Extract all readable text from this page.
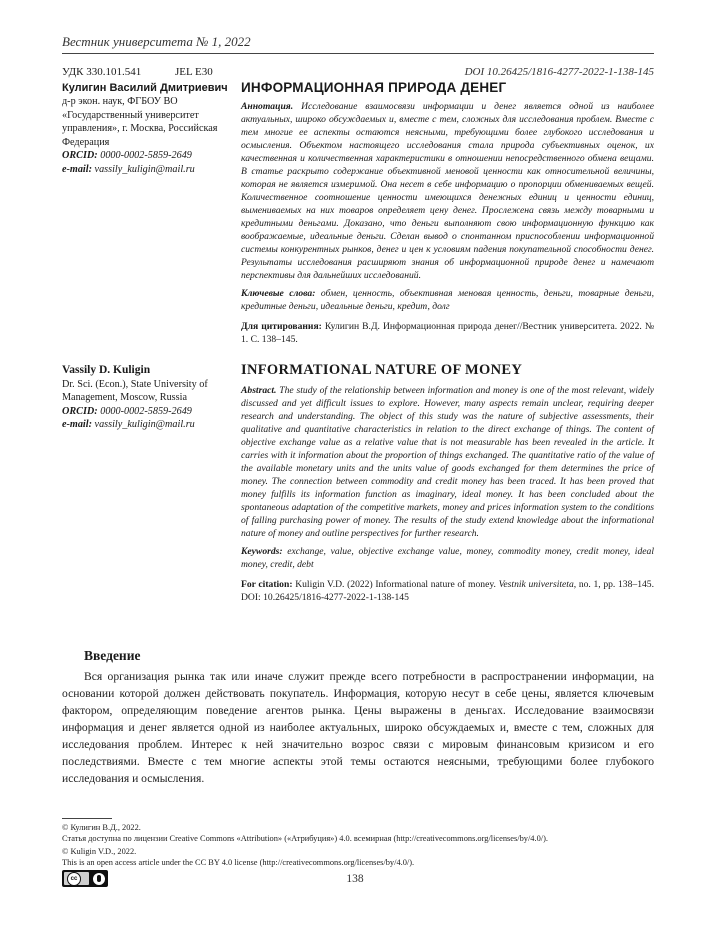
Вестник университета № 1, 2022
УДК 330.101.541	JEL E30	DOI 10.26425/1816-4277-2022-1-138-145
Кулигин Василий Дмитриевич
д-р экон. наук, ФГБОУ ВО «Государственный университет управления», г. Москва, Российская Федерация
ORCID: 0000-0002-5859-2649
e-mail: vassily_kuligin@mail.ru
ИНФОРМАЦИОННАЯ ПРИРОДА ДЕНЕГ
Аннотация. Исследование взаимосвязи информации и денег является одной из наиболее актуальных, широко обсуждаемых и, вместе с тем, сложных для исследования проблем. Вместе с тем многие ее аспекты остаются неясными, требующими более глубокого исследования и осмысления. Объектом настоящего исследования стала природа субъективных оценок, их качественная и количественная характеристики в отношении непосредственного обмена вещами. В статье раскрыто содержание объективной меновой ценности как относительной величины, которая не является измеримой. Она несет в себе информацию о пропорции обмениваемых вещей. Количественное соотношение ценности имеющихся денежных единиц и ценности единиц, вымениваемых на них товаров определяет цену денег. Прослежена связь между товарными и кредитными деньгами. Доказано, что деньги выполняют свою информационную функцию как воображаемые, идеальные деньги. Сделан вывод о спонтанном приспособлении информационной системы конкурентных рынков, денег и цен к условиям падения покупательной способности денег. Результаты исследования расширяют знания об информационной природе денег и намечают перспективы для дальнейших исследований.
Ключевые слова: обмен, ценность, объективная меновая ценность, деньги, товарные деньги, кредитные деньги, идеальные деньги, кредит, долг
Для цитирования: Кулигин В.Д. Информационная природа денег//Вестник университета. 2022. № 1. С. 138–145.
Vassily D. Kuligin
Dr. Sci. (Econ.), State University of Management, Moscow, Russia
ORCID: 0000-0002-5859-2649
e-mail: vassily_kuligin@mail.ru
INFORMATIONAL NATURE OF MONEY
Abstract. The study of the relationship between information and money is one of the most relevant, widely discussed and yet difficult issues to explore. However, many aspects remain unclear, requiring deeper research and understanding. The object of this study was the nature of subjective assessments, their qualitative and quantitative characteristics in relation to the direct exchange of things. The content of objective exchange value as a relative value that is not measurable has been revealed in the article. It carries with it information about the proportion of things exchanged. The quantitative ratio of the value of the available monetary units and the units value of goods exchanged for them determines the price of money. The connection between commodity and credit money has been traced. It has been proved that money fulfills its information function as imaginary, ideal money. It has been concluded about the spontaneous adaptation of the competitive markets, money and prices information system to the conditions of falling purchasing power of money. The results of the study extend knowledge about the informational nature of money and outline perspectives for further research.
Keywords: exchange, value, objective exchange value, money, commodity money, credit money, ideal money, credit, debt
For citation: Kuligin V.D. (2022) Informational nature of money. Vestnik universiteta, no. 1, pp. 138–145. DOI: 10.26425/1816-4277-2022-1-138-145
Введение
Вся организация рынка так или иначе служит прежде всего потребности в распространении информации, на основании которой должен действовать покупатель. Информация, которую несут в себе цены, является ключевым фактором, определяющим поведение агентов рынка. Цены выражены в деньгах. Исследование взаимосвязи информация и денег является одной из наиболее актуальных, широко обсуждаемых и, вместе с тем, сложных для исследования проблем. Интерес к ней значительно возрос связи с мировым финансовым кризисом и его последствиями. Вместе с тем многие аспекты этой темы остаются неясными, требующими более глубокого исследования и осмысления.
© Кулигин В.Д., 2022.
Статья доступна по лицензии Creative Commons «Attribution» («Атрибуция») 4.0. всемирная (http://creativecommons.org/licenses/by/4.0/).
© Kuligin V.D., 2022.
This is an open access article under the CC BY 4.0 license (http://creativecommons.org/licenses/by/4.0/).
cc	138
